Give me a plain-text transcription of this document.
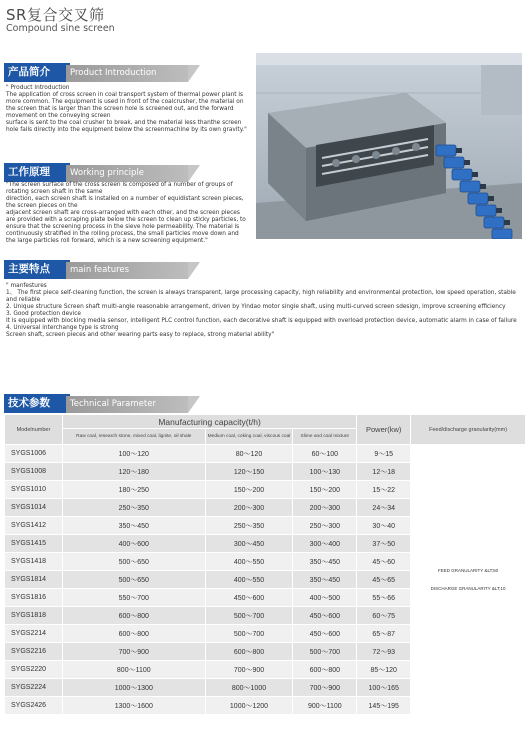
SR复合交叉筛
Compound sine screen
产品简介	Product Introduction
" Product Introduction
The application of cross screen in coal transport system of thermal power plant is more common. The equipment is used in front of the coalcrusher, the material on the screen that is larger than the screen hole is screened out, and the forward movement on the conveying screen
surface is sent to the coal crusher to break, and the material less thanthe screen hole falls directly into the equipment below the screenmachine by its own gravity."
工作原理	Working principle
"The screen surface of the cross screen is composed of a number of groups of rotating screen shaft in the same
direction, each screen shaft is installed on a number of equidistant screen pieces, the screen pieces on the
adjacent screen shaft are cross-arranged with each other, and the screen pieces are provided with a scraping plate below the screen to clean up sticky particles, to ensure that the screening process in the sieve hole permeability. The material is continuously stratified in the rolling process, the small particles move down and the large particles roll forward, which is a new screening equipment."
主要特点	main features
" manfestures
1、 The first piece self-cleaning function, the screen is always transparent, large processing capacity, high reliability and environmental protection, low speed operation, stable and reliable
2. Unique structure Screen shaft multi-angle reasonable arrangement, driven by Yindao motor single shaft, using multi-curved screen sdesign, improve screening efficiency
3. Good protection device
It is equipped with blocking media sensor, intelligent PLC control function, each decorative shaft is equipped with overload protection device, automatic alarm in case of failure
4. Universal interchange type is strong
Screen shaft, screen pieces and other wearing parts easy to replace, strong material ability"
技术参数	Technical Parameter
Modelnumber	Manufacturing capacity(t/h)			Power(kw)	Feed/discharge granularity(mm)
	Raw coal, research stone, mixed coal, lignite, oil shale	Medium coal, coking coal, viscous coal	Slime and coal mixture		
SYGS1006	100～120	80～120	60～100	9～15	FEED GRANULARITY &LT;50

DISCHARGE GRANULARITY &LT;10
SYGS1008	120～180	120～150	100～130	12～18	
SYGS1010	180～250	150～200	150～200	15～22	
SYGS1014	250～350	200～300	200～300	24～34	
SYGS1412	350～450	250～350	250～300	30～40	
SYGS1415	400～600	300～450	300～400	37～50	
SYGS1418	500～650	400～550	350～450	45～60	
SYGS1814	500～650	400～550	350～450	45～65	
SYGS1816	550～700	450～600	400～500	55～66	
SYGS1818	600～800	500～700	450～600	60～75	
SYGS2214	600～800	500～700	450～600	65～87	
SYGS2216	700～900	600～800	500～700	72～93	
SYGS2220	800～1100	700～900	600～800	85～120	
SYGS2224	1000～1300	800～1000	700～900	100～165	
SYGS2426	1300～1600	1000～1200	900～1100	145～195	
